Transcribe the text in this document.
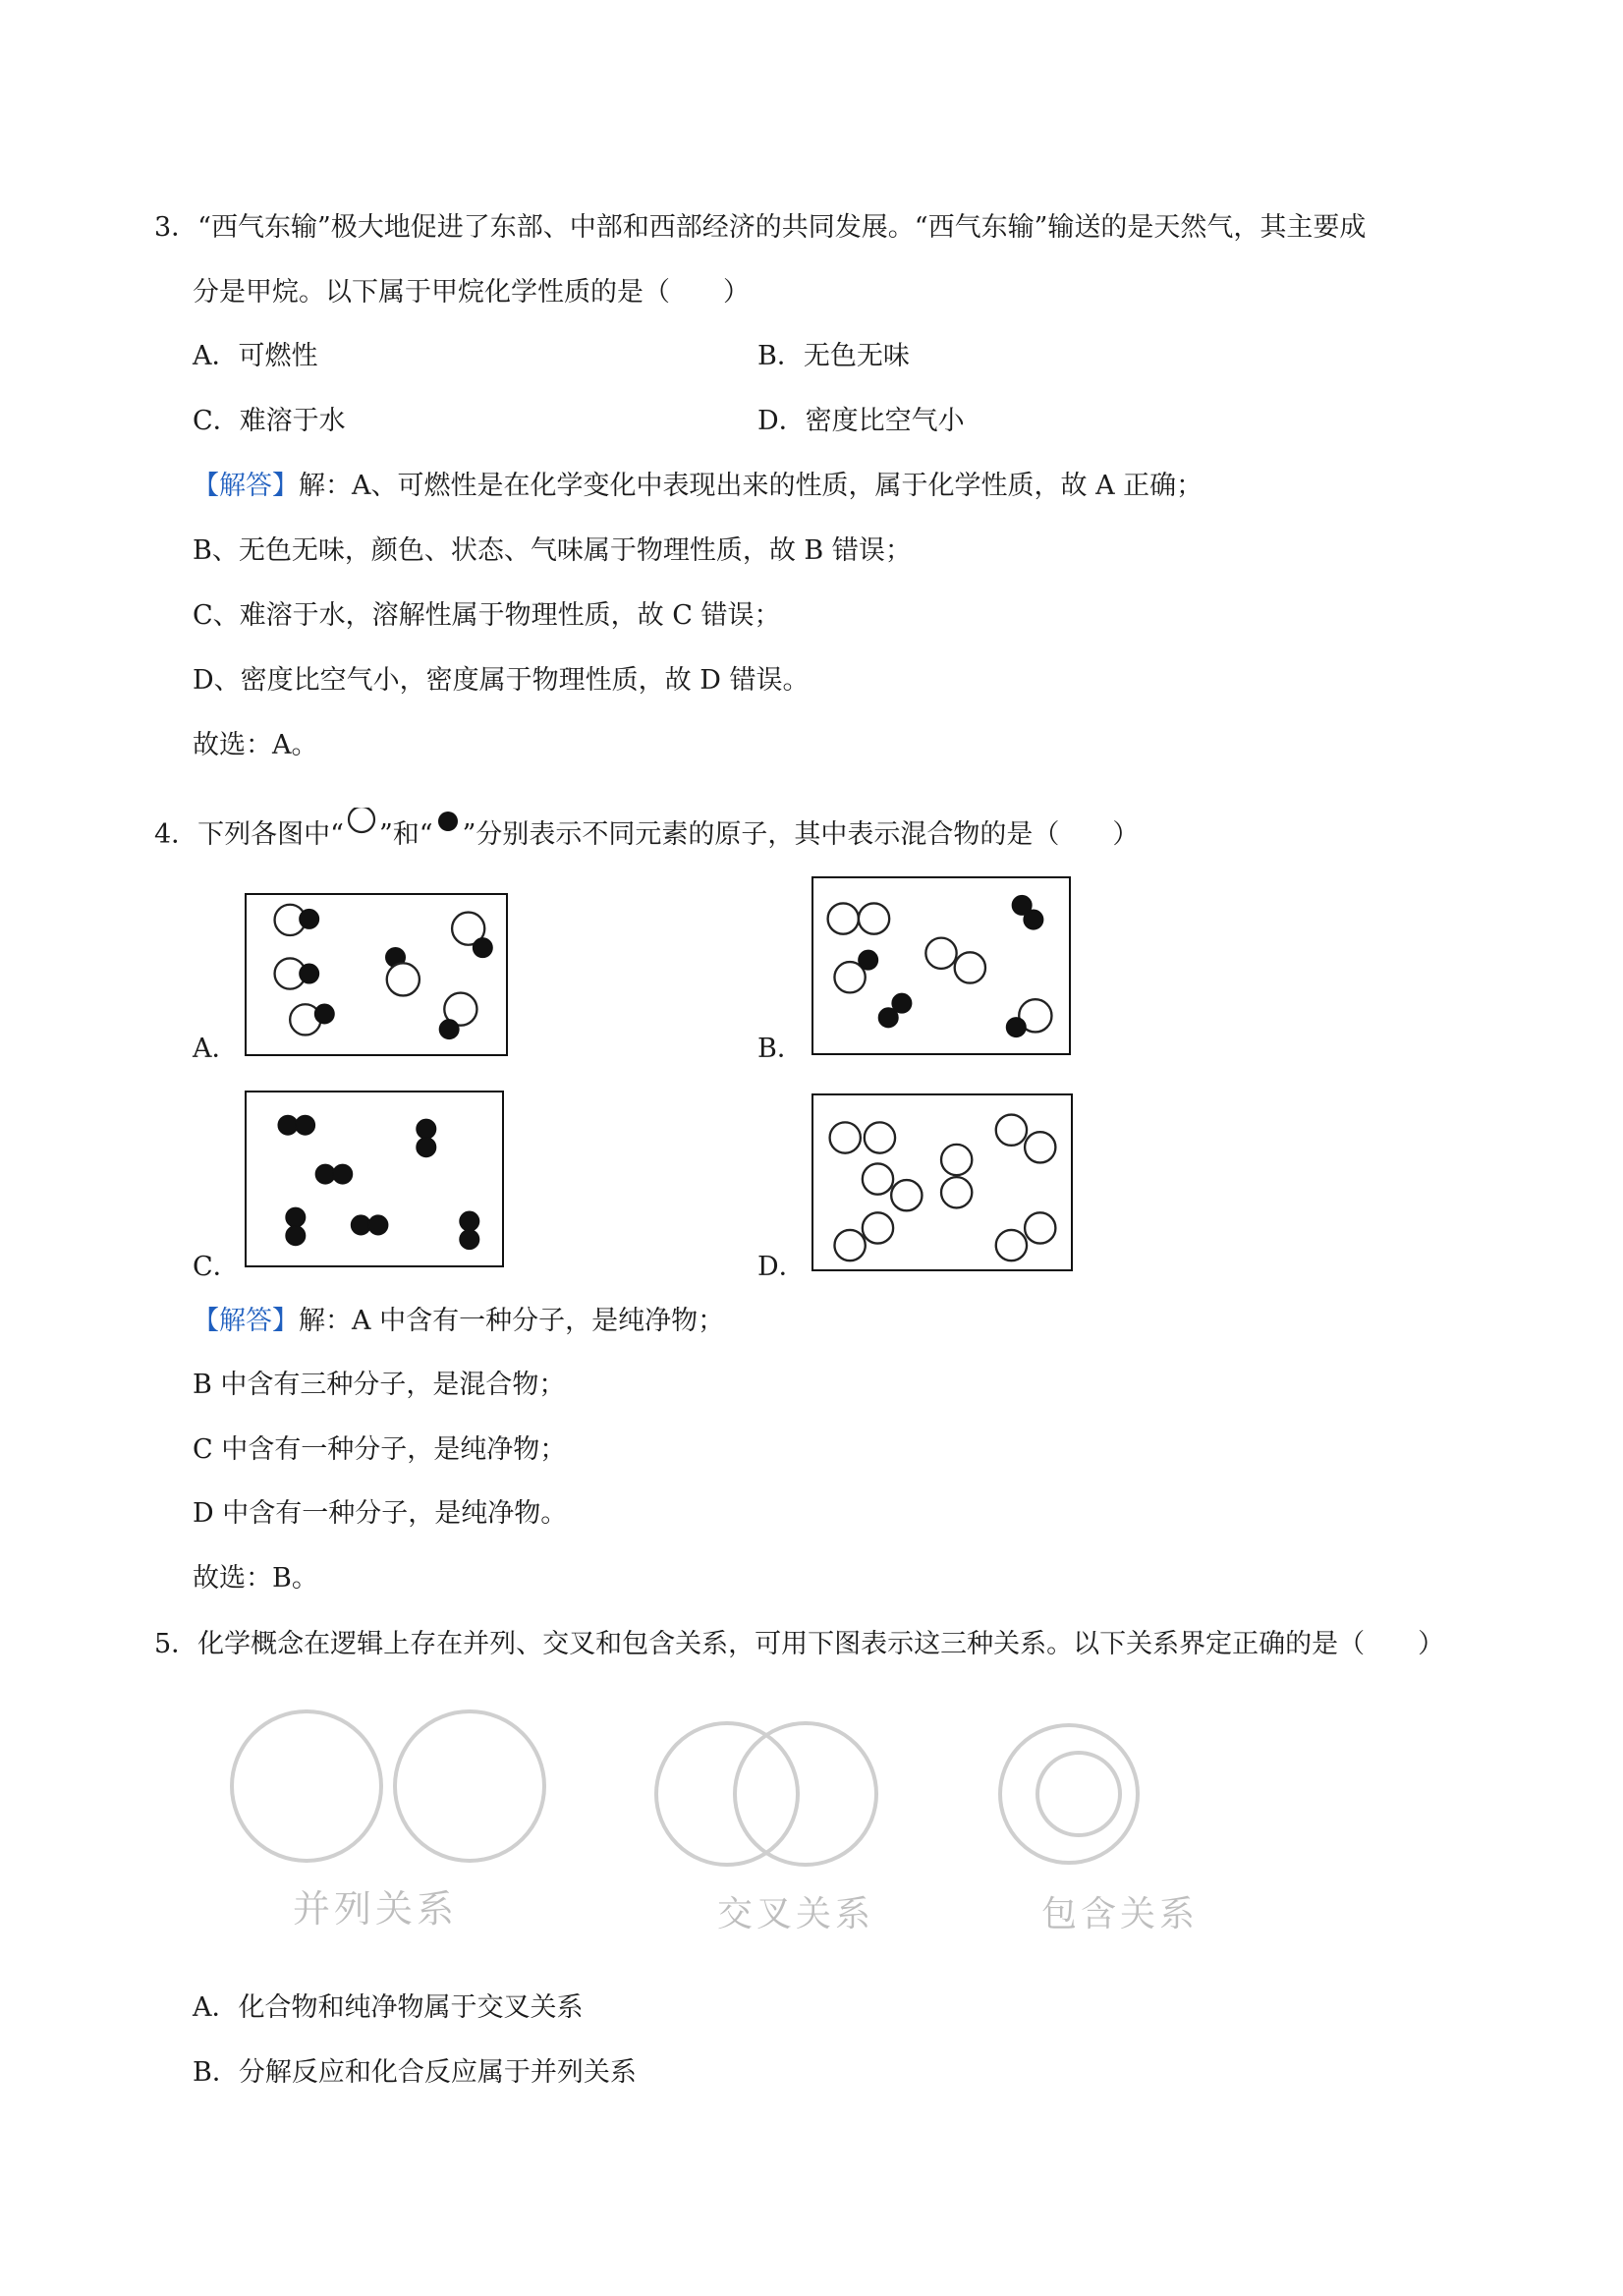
3．“西气东输”极大地促进了东部、中部和西部经济的共同发展。“西气东输”输送的是天然气，其主要成
分是甲烷。以下属于甲烷化学性质的是（　　）
A．可燃性	B．无色无味
C．难溶于水	D．密度比空气小
【解答】解：A、可燃性是在化学变化中表现出来的性质，属于化学性质，故 A 正确；
B、无色无味，颜色、状态、气味属于物理性质，故 B 错误；
C、难溶于水，溶解性属于物理性质，故 C 错误；
D、密度比空气小，密度属于物理性质，故 D 错误。
故选：A。
4．下列各图中“ ”和“ ”分别表示不同元素的原子，其中表示混合物的是（　　）
A．	B．
C．	D．
【解答】解：A 中含有一种分子，是纯净物；
B 中含有三种分子，是混合物；
C 中含有一种分子，是纯净物；
D 中含有一种分子，是纯净物。
故选：B。
5．化学概念在逻辑上存在并列、交叉和包含关系，可用下图表示这三种关系。以下关系界定正确的是（　　）
并列关系	交叉关系	包含关系
A．化合物和纯净物属于交叉关系
B．分解反应和化合反应属于并列关系
